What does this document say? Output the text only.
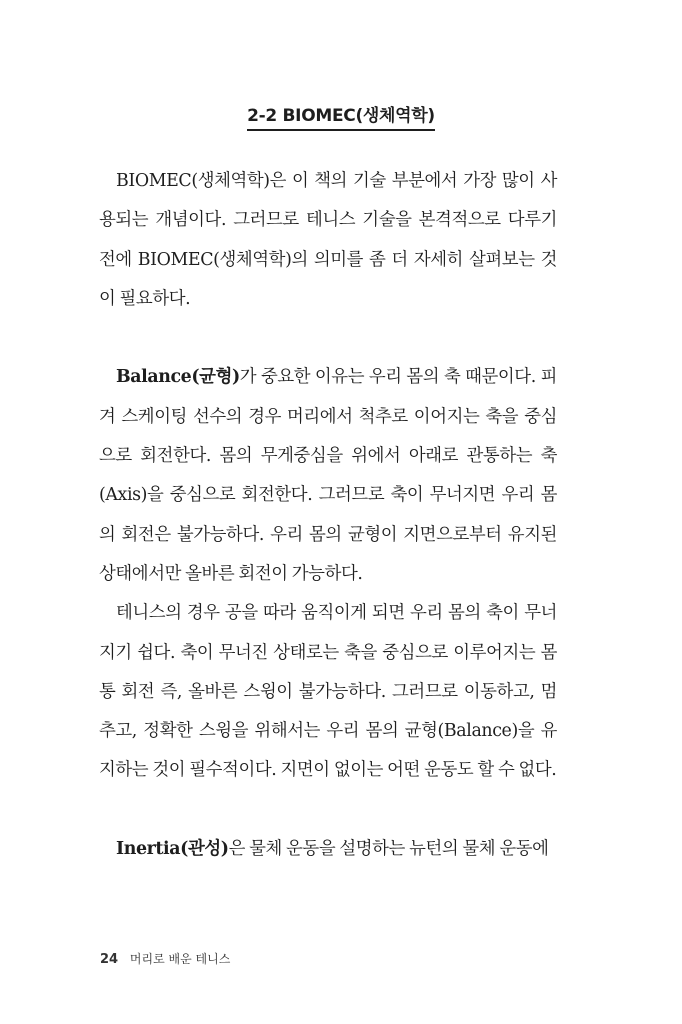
2-2 BIOMEC(생체역학)

BIOMEC(생체역학)은 이 책의 기술 부분에서 가장 많이 사용되는 개념이다. 그러므로 테니스 기술을 본격적으로 다루기 전에 BIOMEC(생체역학)의 의미를 좀 더 자세히 살펴보는 것이 필요하다.

Balance(균형)가 중요한 이유는 우리 몸의 축 때문이다. 피겨 스케이팅 선수의 경우 머리에서 척추로 이어지는 축을 중심으로 회전한다. 몸의 무게중심을 위에서 아래로 관통하는 축(Axis)을 중심으로 회전한다. 그러므로 축이 무너지면 우리 몸의 회전은 불가능하다. 우리 몸의 균형이 지면으로부터 유지된 상태에서만 올바른 회전이 가능하다.

테니스의 경우 공을 따라 움직이게 되면 우리 몸의 축이 무너지기 쉽다. 축이 무너진 상태로는 축을 중심으로 이루어지는 몸통 회전 즉, 올바른 스윙이 불가능하다. 그러므로 이동하고, 멈추고, 정확한 스윙을 위해서는 우리 몸의 균형(Balance)을 유지하는 것이 필수적이다. 지면이 없이는 어떤 운동도 할 수 없다.

Inertia(관성)은 물체 운동을 설명하는 뉴턴의 물체 운동에

24 머리로 배운 테니스
